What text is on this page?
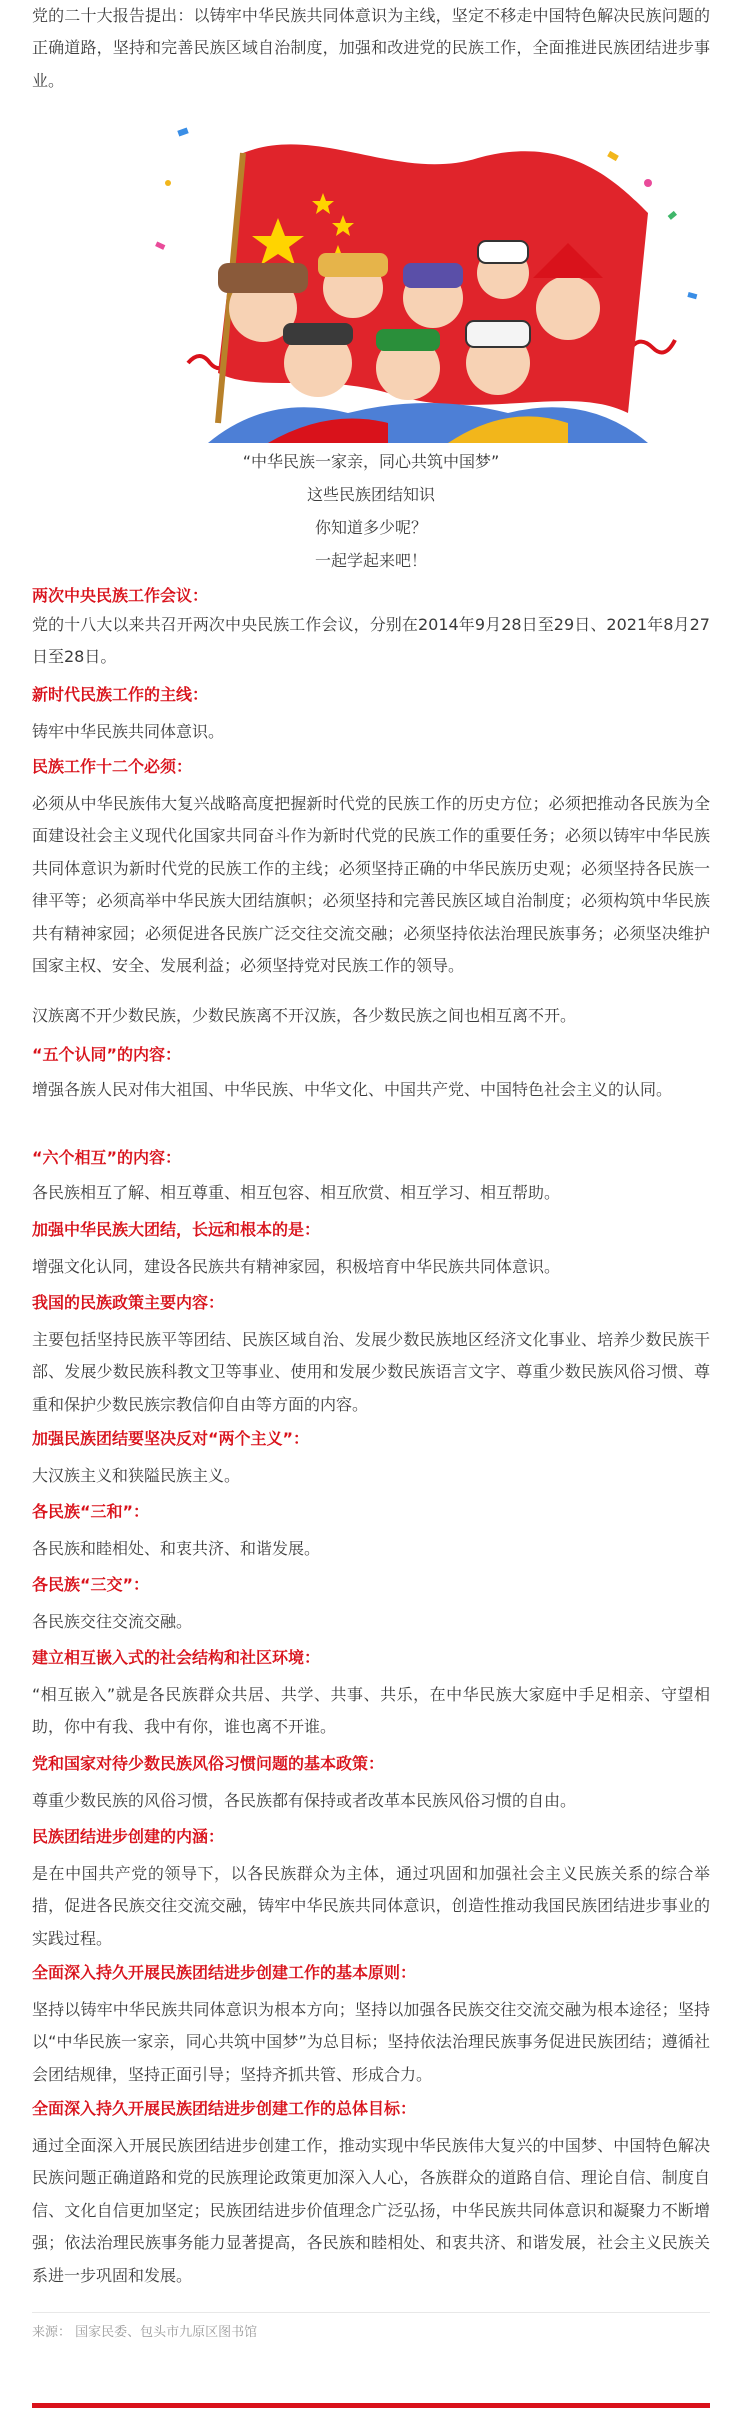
党的二十大报告提出：以铸牢中华民族共同体意识为主线，坚定不移走中国特色解决民族问题的正确道路，坚持和完善民族区域自治制度，加强和改进党的民族工作，全面推进民族团结进步事业。

“中华民族一家亲，同心共筑中国梦”

这些民族团结知识

你知道多少呢？

一起学起来吧！

两次中央民族工作会议：

党的十八大以来共召开两次中央民族工作会议，分别在2014年9月28日至29日、2021年8月27日至28日。

新时代民族工作的主线：

铸牢中华民族共同体意识。

民族工作十二个必须：

必须从中华民族伟大复兴战略高度把握新时代党的民族工作的历史方位；必须把推动各民族为全面建设社会主义现代化国家共同奋斗作为新时代党的民族工作的重要任务；必须以铸牢中华民族共同体意识为新时代党的民族工作的主线；必须坚持正确的中华民族历史观；必须坚持各民族一律平等；必须高举中华民族大团结旗帜；必须坚持和完善民族区域自治制度；必须构筑中华民族共有精神家园；必须促进各民族广泛交往交流交融；必须坚持依法治理民族事务；必须坚决维护国家主权、安全、发展利益；必须坚持党对民族工作的领导。

汉族离不开少数民族，少数民族离不开汉族，各少数民族之间也相互离不开。

“五个认同”的内容：

增强各族人民对伟大祖国、中华民族、中华文化、中国共产党、中国特色社会主义的认同。

“六个相互”的内容：

各民族相互了解、相互尊重、相互包容、相互欣赏、相互学习、相互帮助。

加强中华民族大团结，长远和根本的是：

增强文化认同，建设各民族共有精神家园，积极培育中华民族共同体意识。

我国的民族政策主要内容：

主要包括坚持民族平等团结、民族区域自治、发展少数民族地区经济文化事业、培养少数民族干部、发展少数民族科教文卫等事业、使用和发展少数民族语言文字、尊重少数民族风俗习惯、尊重和保护少数民族宗教信仰自由等方面的内容。

加强民族团结要坚决反对“两个主义”：

大汉族主义和狭隘民族主义。

各民族“三和”：

各民族和睦相处、和衷共济、和谐发展。

各民族“三交”：

各民族交往交流交融。

建立相互嵌入式的社会结构和社区环境：

“相互嵌入”就是各民族群众共居、共学、共事、共乐，在中华民族大家庭中手足相亲、守望相助，你中有我、我中有你，谁也离不开谁。

党和国家对待少数民族风俗习惯问题的基本政策：

尊重少数民族的风俗习惯，各民族都有保持或者改革本民族风俗习惯的自由。

民族团结进步创建的内涵：

是在中国共产党的领导下，以各民族群众为主体，通过巩固和加强社会主义民族关系的综合举措，促进各民族交往交流交融，铸牢中华民族共同体意识，创造性推动我国民族团结进步事业的实践过程。

全面深入持久开展民族团结进步创建工作的基本原则：

坚持以铸牢中华民族共同体意识为根本方向；坚持以加强各民族交往交流交融为根本途径；坚持以“中华民族一家亲，同心共筑中国梦”为总目标；坚持依法治理民族事务促进民族团结；遵循社会团结规律，坚持正面引导；坚持齐抓共管、形成合力。

全面深入持久开展民族团结进步创建工作的总体目标：

通过全面深入开展民族团结进步创建工作，推动实现中华民族伟大复兴的中国梦、中国特色解决民族问题正确道路和党的民族理论政策更加深入人心，各族群众的道路自信、理论自信、制度自信、文化自信更加坚定；民族团结进步价值理念广泛弘扬，中华民族共同体意识和凝聚力不断增强；依法治理民族事务能力显著提高，各民族和睦相处、和衷共济、和谐发展，社会主义民族关系进一步巩固和发展。

来源： 国家民委、包头市九原区图书馆
